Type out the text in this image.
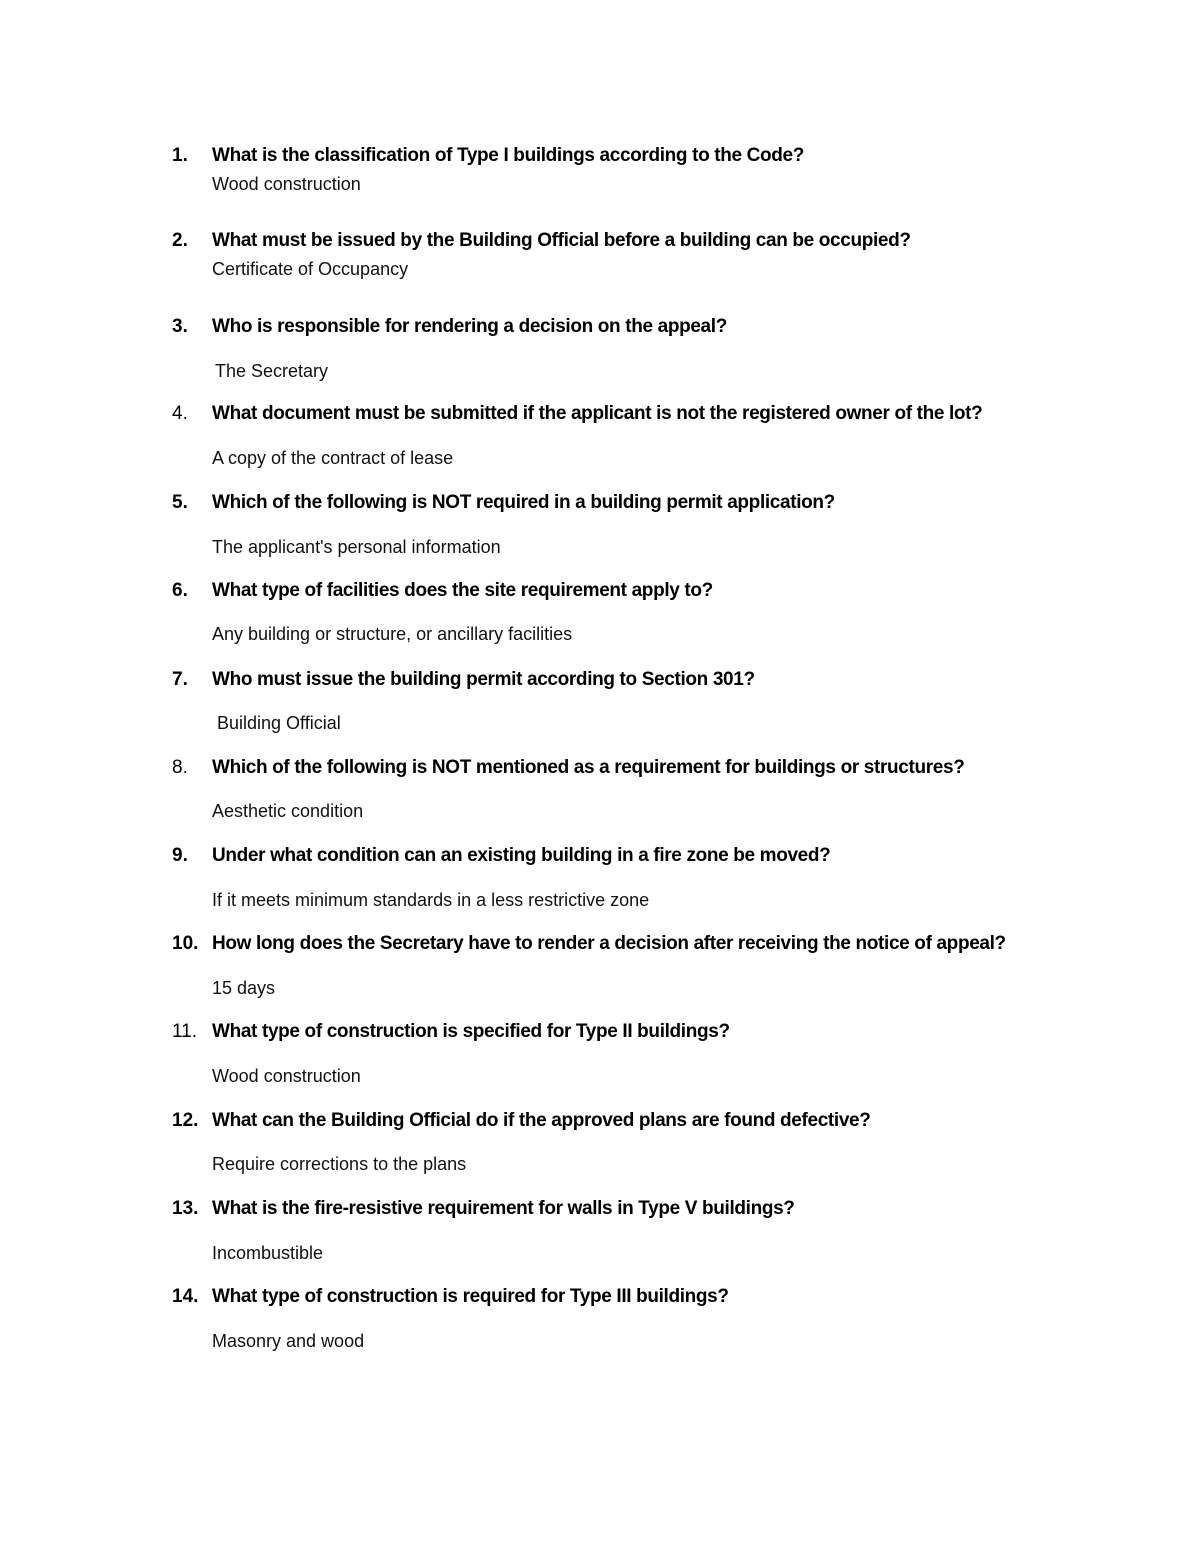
1. What is the classification of Type I buildings according to the Code?
Wood construction
2. What must be issued by the Building Official before a building can be occupied?
Certificate of Occupancy
3. Who is responsible for rendering a decision on the appeal?
The Secretary
4. What document must be submitted if the applicant is not the registered owner of the lot?
A copy of the contract of lease
5. Which of the following is NOT required in a building permit application?
The applicant's personal information
6. What type of facilities does the site requirement apply to?
Any building or structure, or ancillary facilities
7. Who must issue the building permit according to Section 301?
Building Official
8. Which of the following is NOT mentioned as a requirement for buildings or structures?
Aesthetic condition
9. Under what condition can an existing building in a fire zone be moved?
If it meets minimum standards in a less restrictive zone
10. How long does the Secretary have to render a decision after receiving the notice of appeal?
15 days
11. What type of construction is specified for Type II buildings?
Wood construction
12. What can the Building Official do if the approved plans are found defective?
Require corrections to the plans
13. What is the fire-resistive requirement for walls in Type V buildings?
Incombustible
14. What type of construction is required for Type III buildings?
Masonry and wood
